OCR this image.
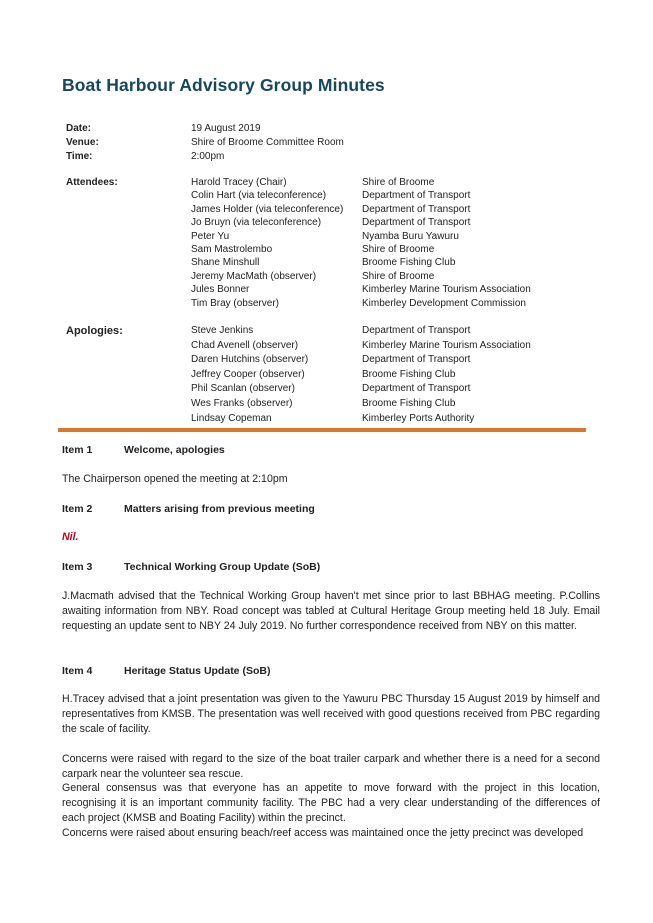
Boat Harbour Advisory Group Minutes
Date:	19 August 2019
Venue:	Shire of Broome Committee Room
Time:	2:00pm
Attendees:	Harold Tracey (Chair)	Shire of Broome
Colin Hart (via teleconference)	Department of Transport
James Holder (via teleconference)	Department of Transport
Jo Bruyn (via teleconference)	Department of Transport
Peter Yu	Nyamba Buru Yawuru
Sam Mastrolembo	Shire of Broome
Shane Minshull	Broome Fishing Club
Jeremy MacMath (observer)	Shire of Broome
Jules Bonner	Kimberley Marine Tourism Association
Tim Bray (observer)	Kimberley Development Commission
Apologies:	Steve Jenkins	Department of Transport
Chad Avenell (observer)	Kimberley Marine Tourism Association
Daren Hutchins (observer)	Department of Transport
Jeffrey Cooper (observer)	Broome Fishing Club
Phil Scanlan (observer)	Department of Transport
Wes Franks (observer)	Broome Fishing Club
Lindsay Copeman	Kimberley Ports Authority
Item 1	Welcome, apologies

The Chairperson opened the meeting at 2:10pm

Item 2	Matters arising from previous meeting

Nil.

Item 3	Technical Working Group Update (SoB)

J.Macmath advised that the Technical Working Group haven't met since prior to last BBHAG meeting. P.Collins awaiting information from NBY. Road concept was tabled at Cultural Heritage Group meeting held 18 July. Email requesting an update sent to NBY 24 July 2019. No further correspondence received from NBY on this matter.

Item 4	Heritage Status Update (SoB)

H.Tracey advised that a joint presentation was given to the Yawuru PBC Thursday 15 August 2019 by himself and representatives from KMSB. The presentation was well received with good questions received from PBC regarding the scale of facility.

Concerns were raised with regard to the size of the boat trailer carpark and whether there is a need for a second carpark near the volunteer sea rescue.

General consensus was that everyone has an appetite to move forward with the project in this location, recognising it is an important community facility. The PBC had a very clear understanding of the differences of each project (KMSB and Boating Facility) within the precinct.

Concerns were raised about ensuring beach/reef access was maintained once the jetty precinct was developed
